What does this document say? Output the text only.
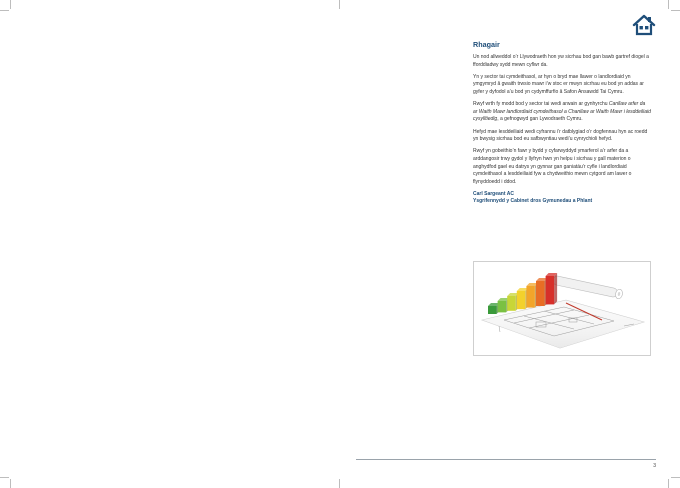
Rhagair

Un nod allweddol o’r Llywodraeth hon yw sicrhau bod gan bawb gartref diogel a fforddiadwy sydd mewn cyflwr da.

Yn y sector tai cymdeithasol, ar hyn o bryd mae llawer o landlordiaid yn ymgymryd â gwaith trwsio mawr i’w stoc er mwyn sicrhau eu bod yn addas ar gyfer y dyfodol a’u bod yn cydymffurfio â Safon Ansawdd Tai Cymru.

Rwyf wrth fy modd bod y sector tai wedi arwain ar gynhyrchu Canllaw arfer da ar Waith Mawr landlordiaid cymdeithasol a Chanllaw ar Waith Mawr i lesddeiliaid cysylltiedig, a gefnogwyd gan Lywodraeth Cymru.

Hefyd mae lesddeiliaid wedi cyfrannu i’r datblygiad o’r dogfennau hyn ac roedd yn bwysig sicrhau bod eu safbwyntiau wedi’u cynrychioli hefyd.

Rwyf yn gobeithio’n fawr y bydd y cyfarwyddyd ymarferol a’r arfer da a arddangosir trwy gydol y llyfryn hwn yn helpu i sicrhau y gall materion o anghydfod gael eu datrys yn gynnar gan ganiatáu’r cyfle i landlordiaid cymdeithasol a lesddeiliaid fyw a chydweithio mewn cytgord am lawer o flynyddoedd i ddod.

Carl Sargeant AC

Ysgrifennydd y Cabinet dros Gymunedau a Phlant

3
